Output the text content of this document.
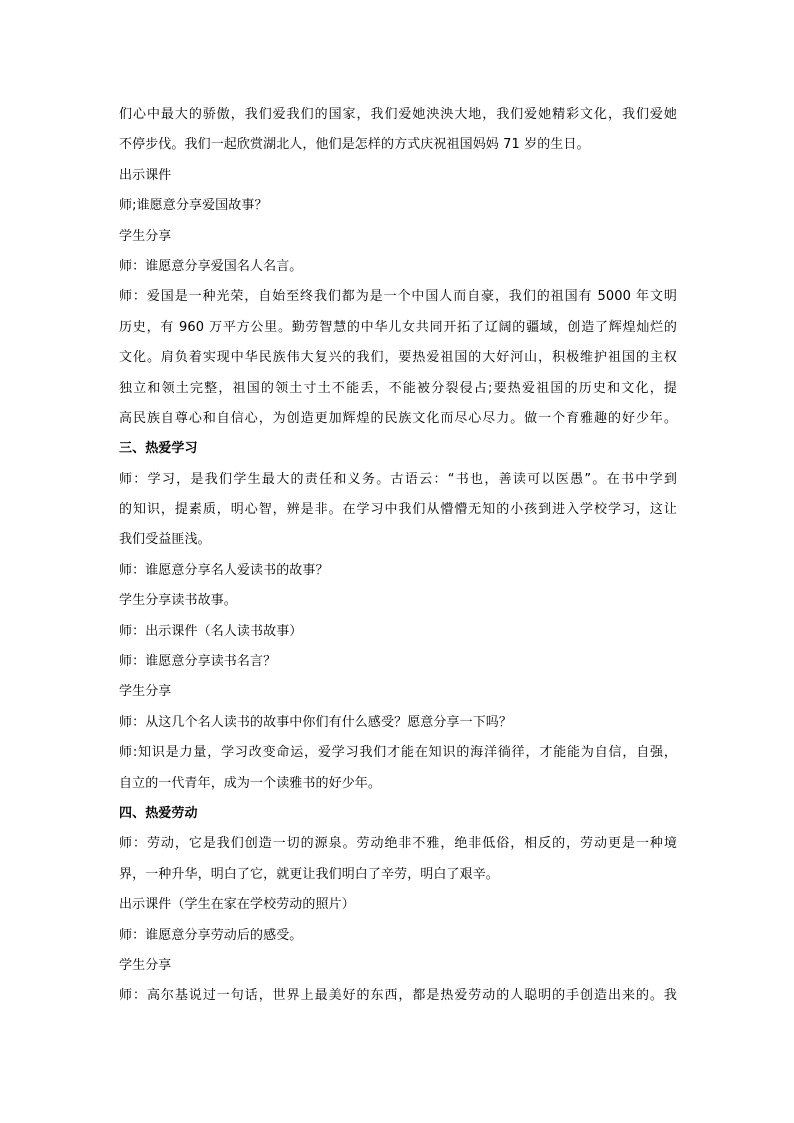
们心中最大的骄傲，我们爱我们的国家，我们爱她泱泱大地，我们爱她精彩文化，我们爱她
不停步伐。我们一起欣赏湖北人，他们是怎样的方式庆祝祖国妈妈 71 岁的生日。
出示课件
师;谁愿意分享爱国故事？
学生分享
师：谁愿意分享爱国名人名言。
师：爱国是一种光荣，自始至终我们都为是一个中国人而自豪，我们的祖国有 5000 年文明
历史，有 960 万平方公里。勤劳智慧的中华儿女共同开拓了辽阔的疆域，创造了辉煌灿烂的
文化。肩负着实现中华民族伟大复兴的我们，要热爱祖国的大好河山，积极维护祖国的主权
独立和领土完整，祖国的领土寸土不能丢，不能被分裂侵占;要热爱祖国的历史和文化，提
高民族自尊心和自信心，为创造更加辉煌的民族文化而尽心尽力。做一个育雅趣的好少年。
三、热爱学习
师：学习，是我们学生最大的责任和义务。古语云：“书也，善读可以医愚”。在书中学到
的知识，提素质，明心智，辨是非。在学习中我们从懵懵无知的小孩到进入学校学习，这让
我们受益匪浅。
师：谁愿意分享名人爱读书的故事？
学生分享读书故事。
师：出示课件（名人读书故事）
师：谁愿意分享读书名言？
学生分享
师：从这几个名人读书的故事中你们有什么感受？愿意分享一下吗？
师:知识是力量，学习改变命运，爱学习我们才能在知识的海洋徜徉，才能能为自信，自强，
自立的一代青年，成为一个读雅书的好少年。
四、热爱劳动
师：劳动，它是我们创造一切的源泉。劳动绝非不雅，绝非低俗，相反的，劳动更是一种境
界，一种升华，明白了它，就更让我们明白了辛劳，明白了艰辛。
出示课件（学生在家在学校劳动的照片）
师：谁愿意分享劳动后的感受。
学生分享
师：高尔基说过一句话，世界上最美好的东西，都是热爱劳动的人聪明的手创造出来的。我
